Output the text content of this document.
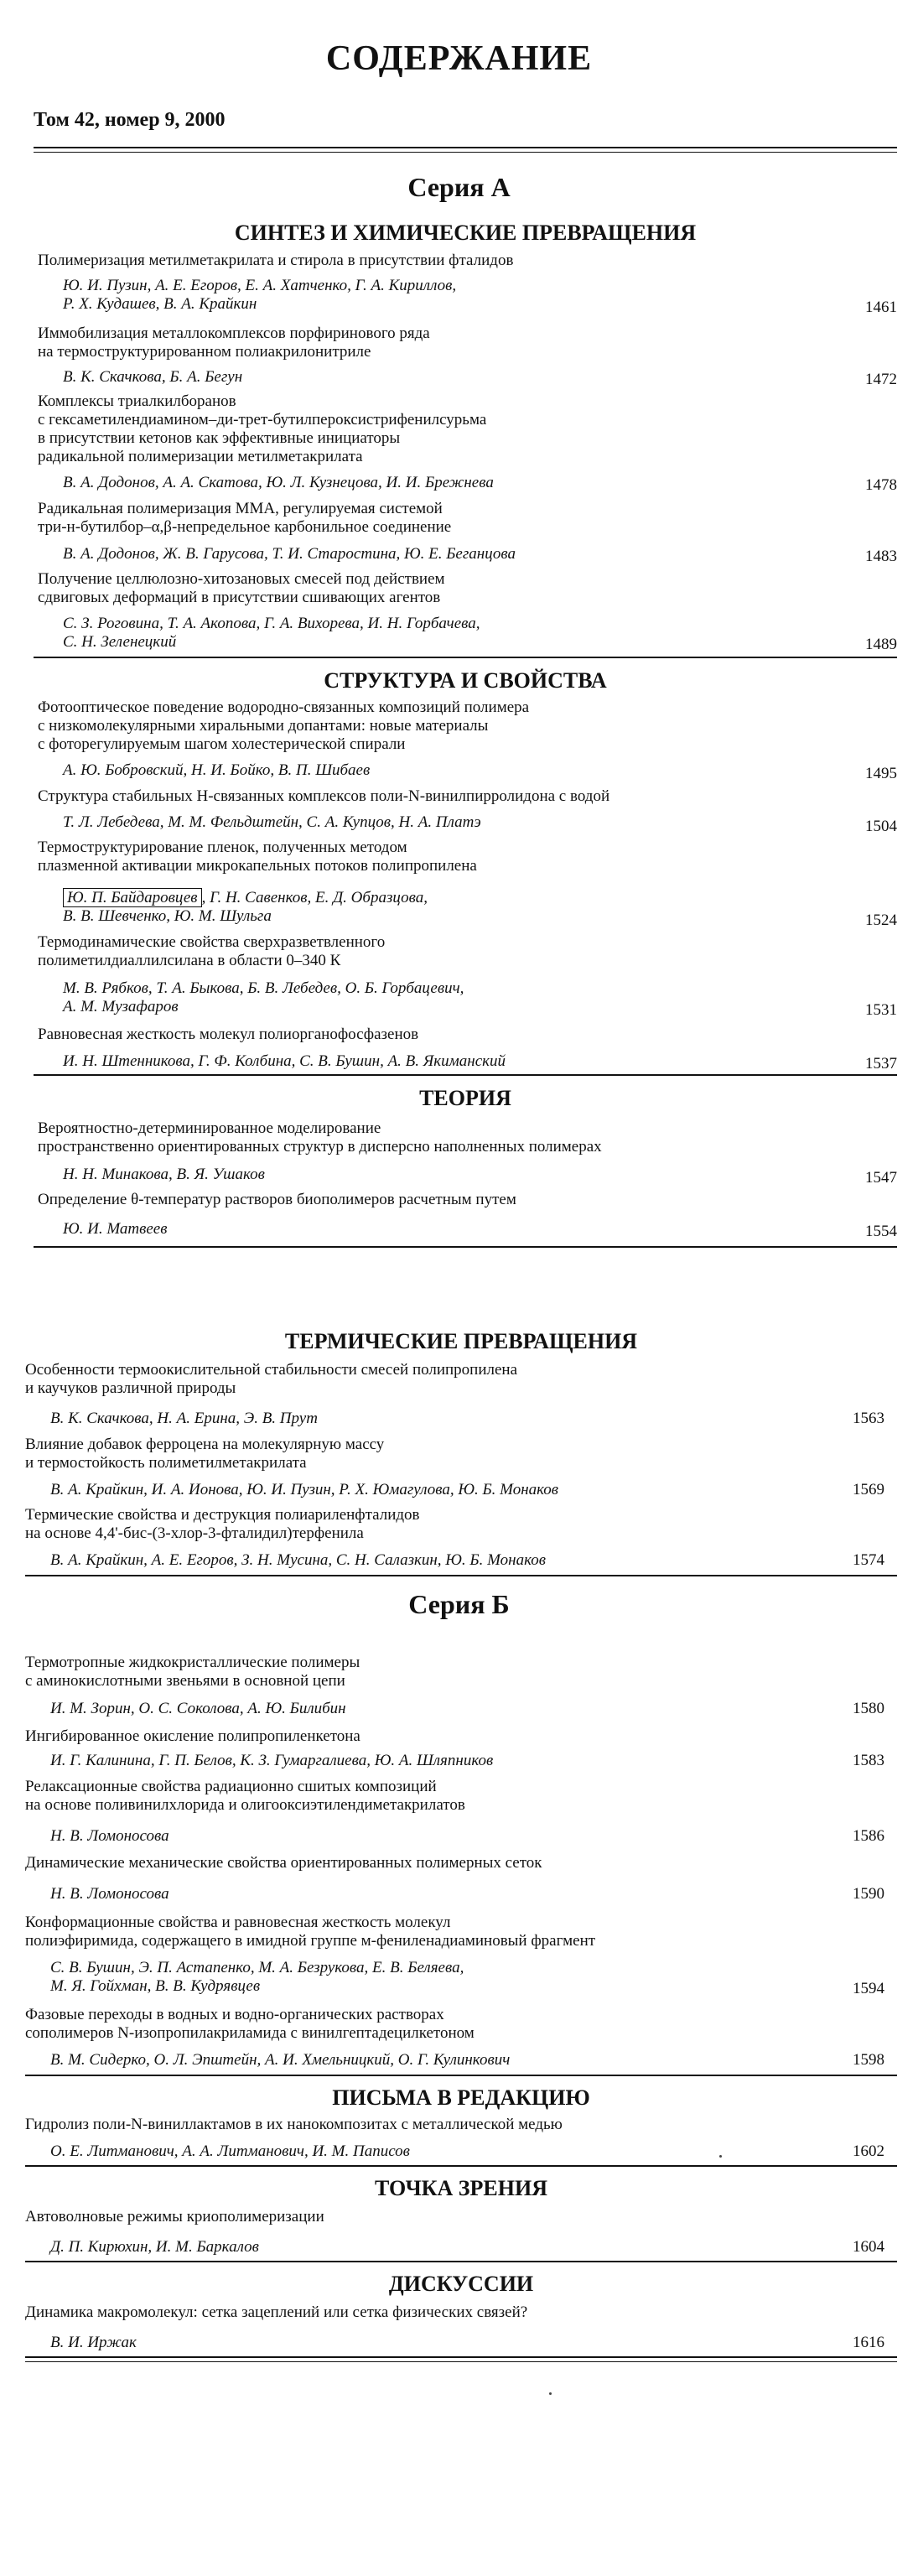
СОДЕРЖАНИЕ
Том 42, номер 9, 2000
Серия А
СИНТЕЗ И ХИМИЧЕСКИЕ ПРЕВРАЩЕНИЯ
Полимеризация метилметакрилата и стирола в присутствии фталидов
Ю. И. Пузин, А. Е. Егоров, Е. А. Хатченко, Г. А. Кириллов,
Р. Х. Кудашев, В. А. Крайкин	1461
Иммобилизация металлокомплексов порфиринового ряда
на термоструктурированном полиакрилонитриле
В. К. Скачкова, Б. А. Бегун	1472
Комплексы триалкилборанов
с гексаметилендиамином–ди-трет-бутилпероксистрифенилсурьма
в присутствии кетонов как эффективные инициаторы
радикальной полимеризации метилметакрилата
В. А. Додонов, А. А. Скатова, Ю. Л. Кузнецова, И. И. Брежнева	1478
Радикальная полимеризация ММА, регулируемая системой
три-н-бутилбор–α,β-непредельное карбонильное соединение
В. А. Додонов, Ж. В. Гарусова, Т. И. Старостина, Ю. Е. Беганцова	1483
Получение целлюлозно-хитозановых смесей под действием
сдвиговых деформаций в присутствии сшивающих агентов
С. З. Роговина, Т. А. Акопова, Г. А. Вихорева, И. Н. Горбачева,
С. Н. Зеленецкий	1489
СТРУКТУРА И СВОЙСТВА
Фотооптическое поведение водородно-связанных композиций полимера
с низкомолекулярными хиральными допантами: новые материалы
с фоторегулируемым шагом холестерической спирали
А. Ю. Бобровский, Н. И. Бойко, В. П. Шибаев	1495
Структура стабильных Н-связанных комплексов поли-N-винилпирролидона с водой
Т. Л. Лебедева, М. М. Фельдштейн, С. А. Купцов, Н. А. Платэ	1504
Термоструктурирование пленок, полученных методом
плазменной активации микрокапельных потоков полипропилена
Ю. П. Байдаровцев , Г. Н. Савенков, Е. Д. Образцова,
В. В. Шевченко, Ю. М. Шульга	1524
Термодинамические свойства сверхразветвленного
полиметилдиаллилсилана в области 0–340 К
М. В. Рябков, Т. А. Быкова, Б. В. Лебедев, О. Б. Горбацевич,
А. М. Музафаров	1531
Равновесная жесткость молекул полиорганофосфазенов
И. Н. Штенникова, Г. Ф. Колбина, С. В. Бушин, А. В. Якиманский	1537
ТЕОРИЯ
Вероятностно-детерминированное моделирование
пространственно ориентированных структур в дисперсно наполненных полимерах
Н. Н. Минакова, В. Я. Ушаков	1547
Определение θ-температур растворов биополимеров расчетным путем
Ю. И. Матвеев	1554
ТЕРМИЧЕСКИЕ ПРЕВРАЩЕНИЯ
Особенности термоокислительной стабильности смесей полипропилена
и каучуков различной природы
В. К. Скачкова, Н. А. Ерина, Э. В. Прут	1563
Влияние добавок ферроцена на молекулярную массу
и термостойкость полиметилметакрилата
В. А. Крайкин, И. А. Ионова, Ю. И. Пузин, Р. Х. Юмагулова, Ю. Б. Монаков	1569
Термические свойства и деструкция полиариленфталидов
на основе 4,4'-бис-(3-хлор-3-фталидил)терфенила
В. А. Крайкин, А. Е. Егоров, З. Н. Мусина, С. Н. Салазкин, Ю. Б. Монаков	1574
Серия Б
Термотропные жидкокристаллические полимеры
с аминокислотными звеньями в основной цепи
И. М. Зорин, О. С. Соколова, А. Ю. Билибин	1580
Ингибированное окисление полипропиленкетона
И. Г. Калинина, Г. П. Белов, К. З. Гумаргалиева, Ю. А. Шляпников	1583
Релаксационные свойства радиационно сшитых композиций
на основе поливинилхлорида и олигооксиэтилендиметакрилатов
Н. В. Ломоносова	1586
Динамические механические свойства ориентированных полимерных сеток
Н. В. Ломоносова	1590
Конформационные свойства и равновесная жесткость молекул
полиэфиримида, содержащего в имидной группе м-фениленадиаминовый фрагмент
С. В. Бушин, Э. П. Астапенко, М. А. Безрукова, Е. В. Беляева,
М. Я. Гойхман, В. В. Кудрявцев	1594
Фазовые переходы в водных и водно-органических растворах
сополимеров N-изопропилакриламида с винилгептадецилкетоном
В. М. Сидерко, О. Л. Эпштейн, А. И. Хмельницкий, О. Г. Кулинкович	1598
ПИСЬМА В РЕДАКЦИЮ
Гидролиз поли-N-виниллактамов в их нанокомпозитах с металлической медью
О. Е. Литманович, А. А. Литманович, И. М. Паписов	1602
ТОЧКА ЗРЕНИЯ
Автоволновые режимы криополимеризации
Д. П. Кирюхин, И. М. Баркалов	1604
ДИСКУССИИ
Динамика макромолекул: сетка зацеплений или сетка физических связей?
В. И. Иржак	1616
